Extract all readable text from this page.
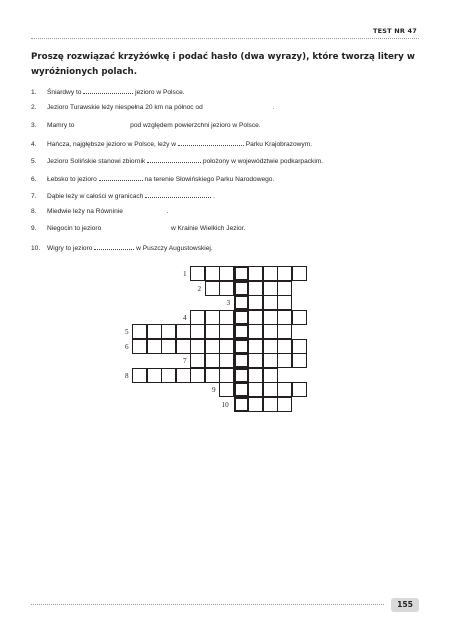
TEST NR 47
Proszę rozwiązać krzyżówkę i podać hasło (dwa wyrazy), które tworzą litery w wyróżnionych polach.
1. Śniardwy to	jezioro w Polsce.
2. Jezioro Turawskie leży niespełna 20 km na północ od	.
3. Mamry to	pod względem powierzchni jezioro w Polsce.
4. Hańcza, najgłębsze jezioro w Polsce, leży w	Parku Krajobrazowym.
5. Jezioro Solińskie stanowi zbiornik	położony w województwie podkarpackim.
6. Łebsko to jezioro	na terenie Słowińskiego Parku Narodowego.
7. Dąbie leży w całości w granicach	.
8. Miedwie leży na Równinie	.
9. Niegocin to jezioro	w Krainie Wielkich Jezior.
10. Wigry to jezioro	w Puszczy Augustowskiej.
1
2
3
4
5
6
7
8
9
10
155
